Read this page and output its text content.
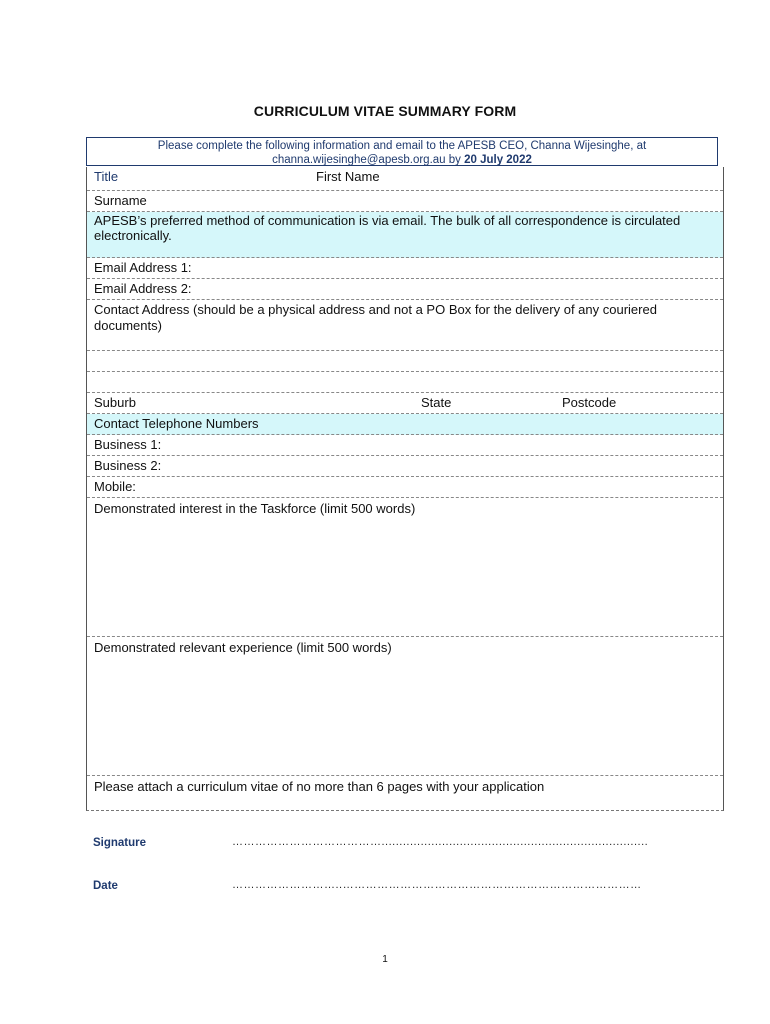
CURRICULUM VITAE SUMMARY FORM
Please complete the following information and email to the APESB CEO, Channa Wijesinghe, at
channa.wijesinghe@apesb.org.au by 20 July 2022
Title	First Name
Surname
APESB’s preferred method of communication is via email. The bulk of all correspondence is circulated electronically.
Email Address 1:
Email Address 2:
Contact Address (should be a physical address and not a PO Box for the delivery of any couriered documents)
Suburb	State	Postcode
Contact Telephone Numbers
Business 1:
Business 2:
Mobile:
Demonstrated interest in the Taskforce (limit 500 words)
Demonstrated relevant experience (limit 500 words)
Please attach a curriculum vitae of no more than 6 pages with your application
Signature	…………………………………...........................................................................
Date	………………………..……………………………………………………………………
1
